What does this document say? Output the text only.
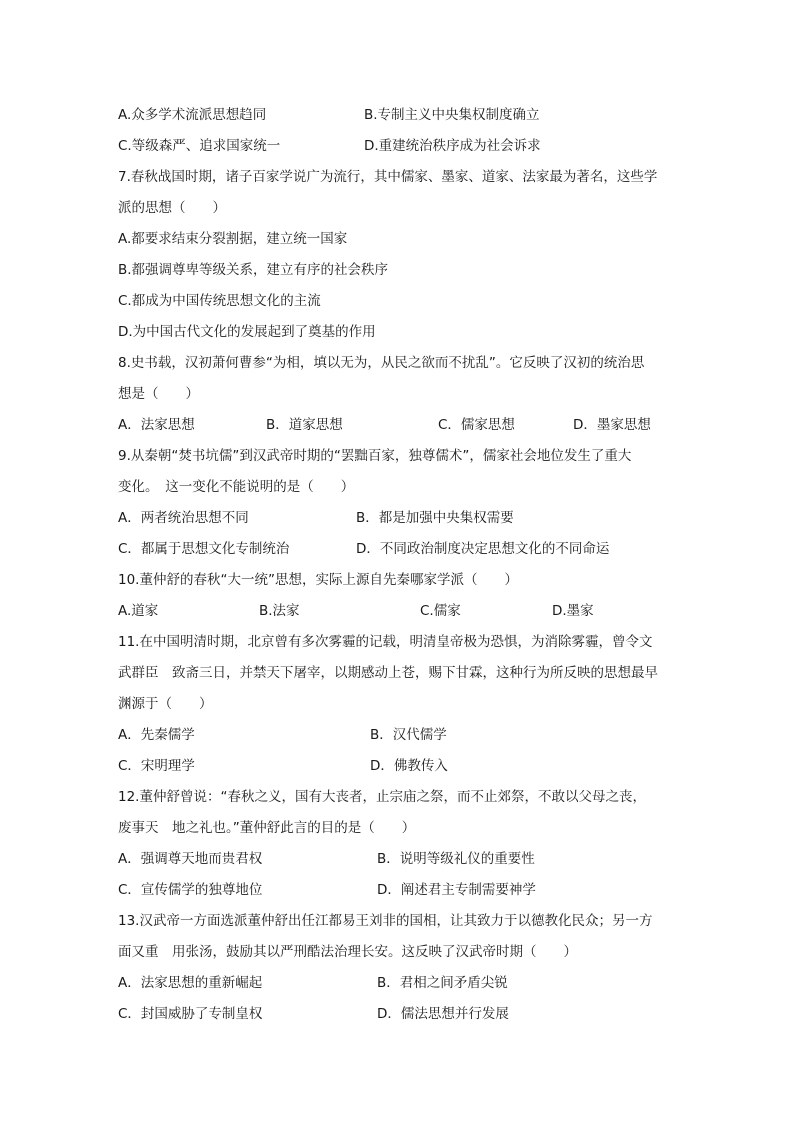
A.众多学术流派思想趋同	B.专制主义中央集权制度确立
C.等级森严、追求国家统一	D.重建统治秩序成为社会诉求
7.春秋战国时期，诸子百家学说广为流行，其中儒家、墨家、道家、法家最为著名，这些学
派的思想（　　）
A.都要求结束分裂割据，建立统一国家
B.都强调尊卑等级关系，建立有序的社会秩序
C.都成为中国传统思想文化的主流
D.为中国古代文化的发展起到了奠基的作用
8.史书载，汉初萧何曹参“为相，填以无为，从民之欲而不扰乱”。它反映了汉初的统治思
想是（　　）
A．法家思想	B．道家思想	C．儒家思想	D．墨家思想
9.从秦朝“焚书坑儒”到汉武帝时期的“罢黜百家，独尊儒术”，儒家社会地位发生了重大
变化。　这一变化不能说明的是（　　）
A．两者统治思想不同	B．都是加强中央集权需要
C．都属于思想文化专制统治	D．不同政治制度决定思想文化的不同命运
10.董仲舒的春秋“大一统”思想，实际上源自先秦哪家学派（　　）
A.道家	B.法家	C.儒家	D.墨家
11.在中国明清时期，北京曾有多次雾霾的记载，明清皇帝极为恐惧，为消除雾霾，曾令文
武群臣　致斋三日，并禁天下屠宰，以期感动上苍，赐下甘霖，这种行为所反映的思想最早
渊源于（　　）
A．先秦儒学	B．汉代儒学
C．宋明理学	D．佛教传入
12.董仲舒曾说：“春秋之义，国有大丧者，止宗庙之祭，而不止郊祭，不敢以父母之丧，
废事天　地之礼也。”董仲舒此言的目的是（　　）
A．强调尊天地而贵君权	B．说明等级礼仪的重要性
C．宣传儒学的独尊地位	D．阐述君主专制需要神学
13.汉武帝一方面选派董仲舒出任江都易王刘非的国相，让其致力于以德教化民众；另一方
面又重　用张汤，鼓励其以严刑酷法治理长安。这反映了汉武帝时期（　　）
A．法家思想的重新崛起	B．君相之间矛盾尖锐
C．封国威胁了专制皇权	D．儒法思想并行发展
